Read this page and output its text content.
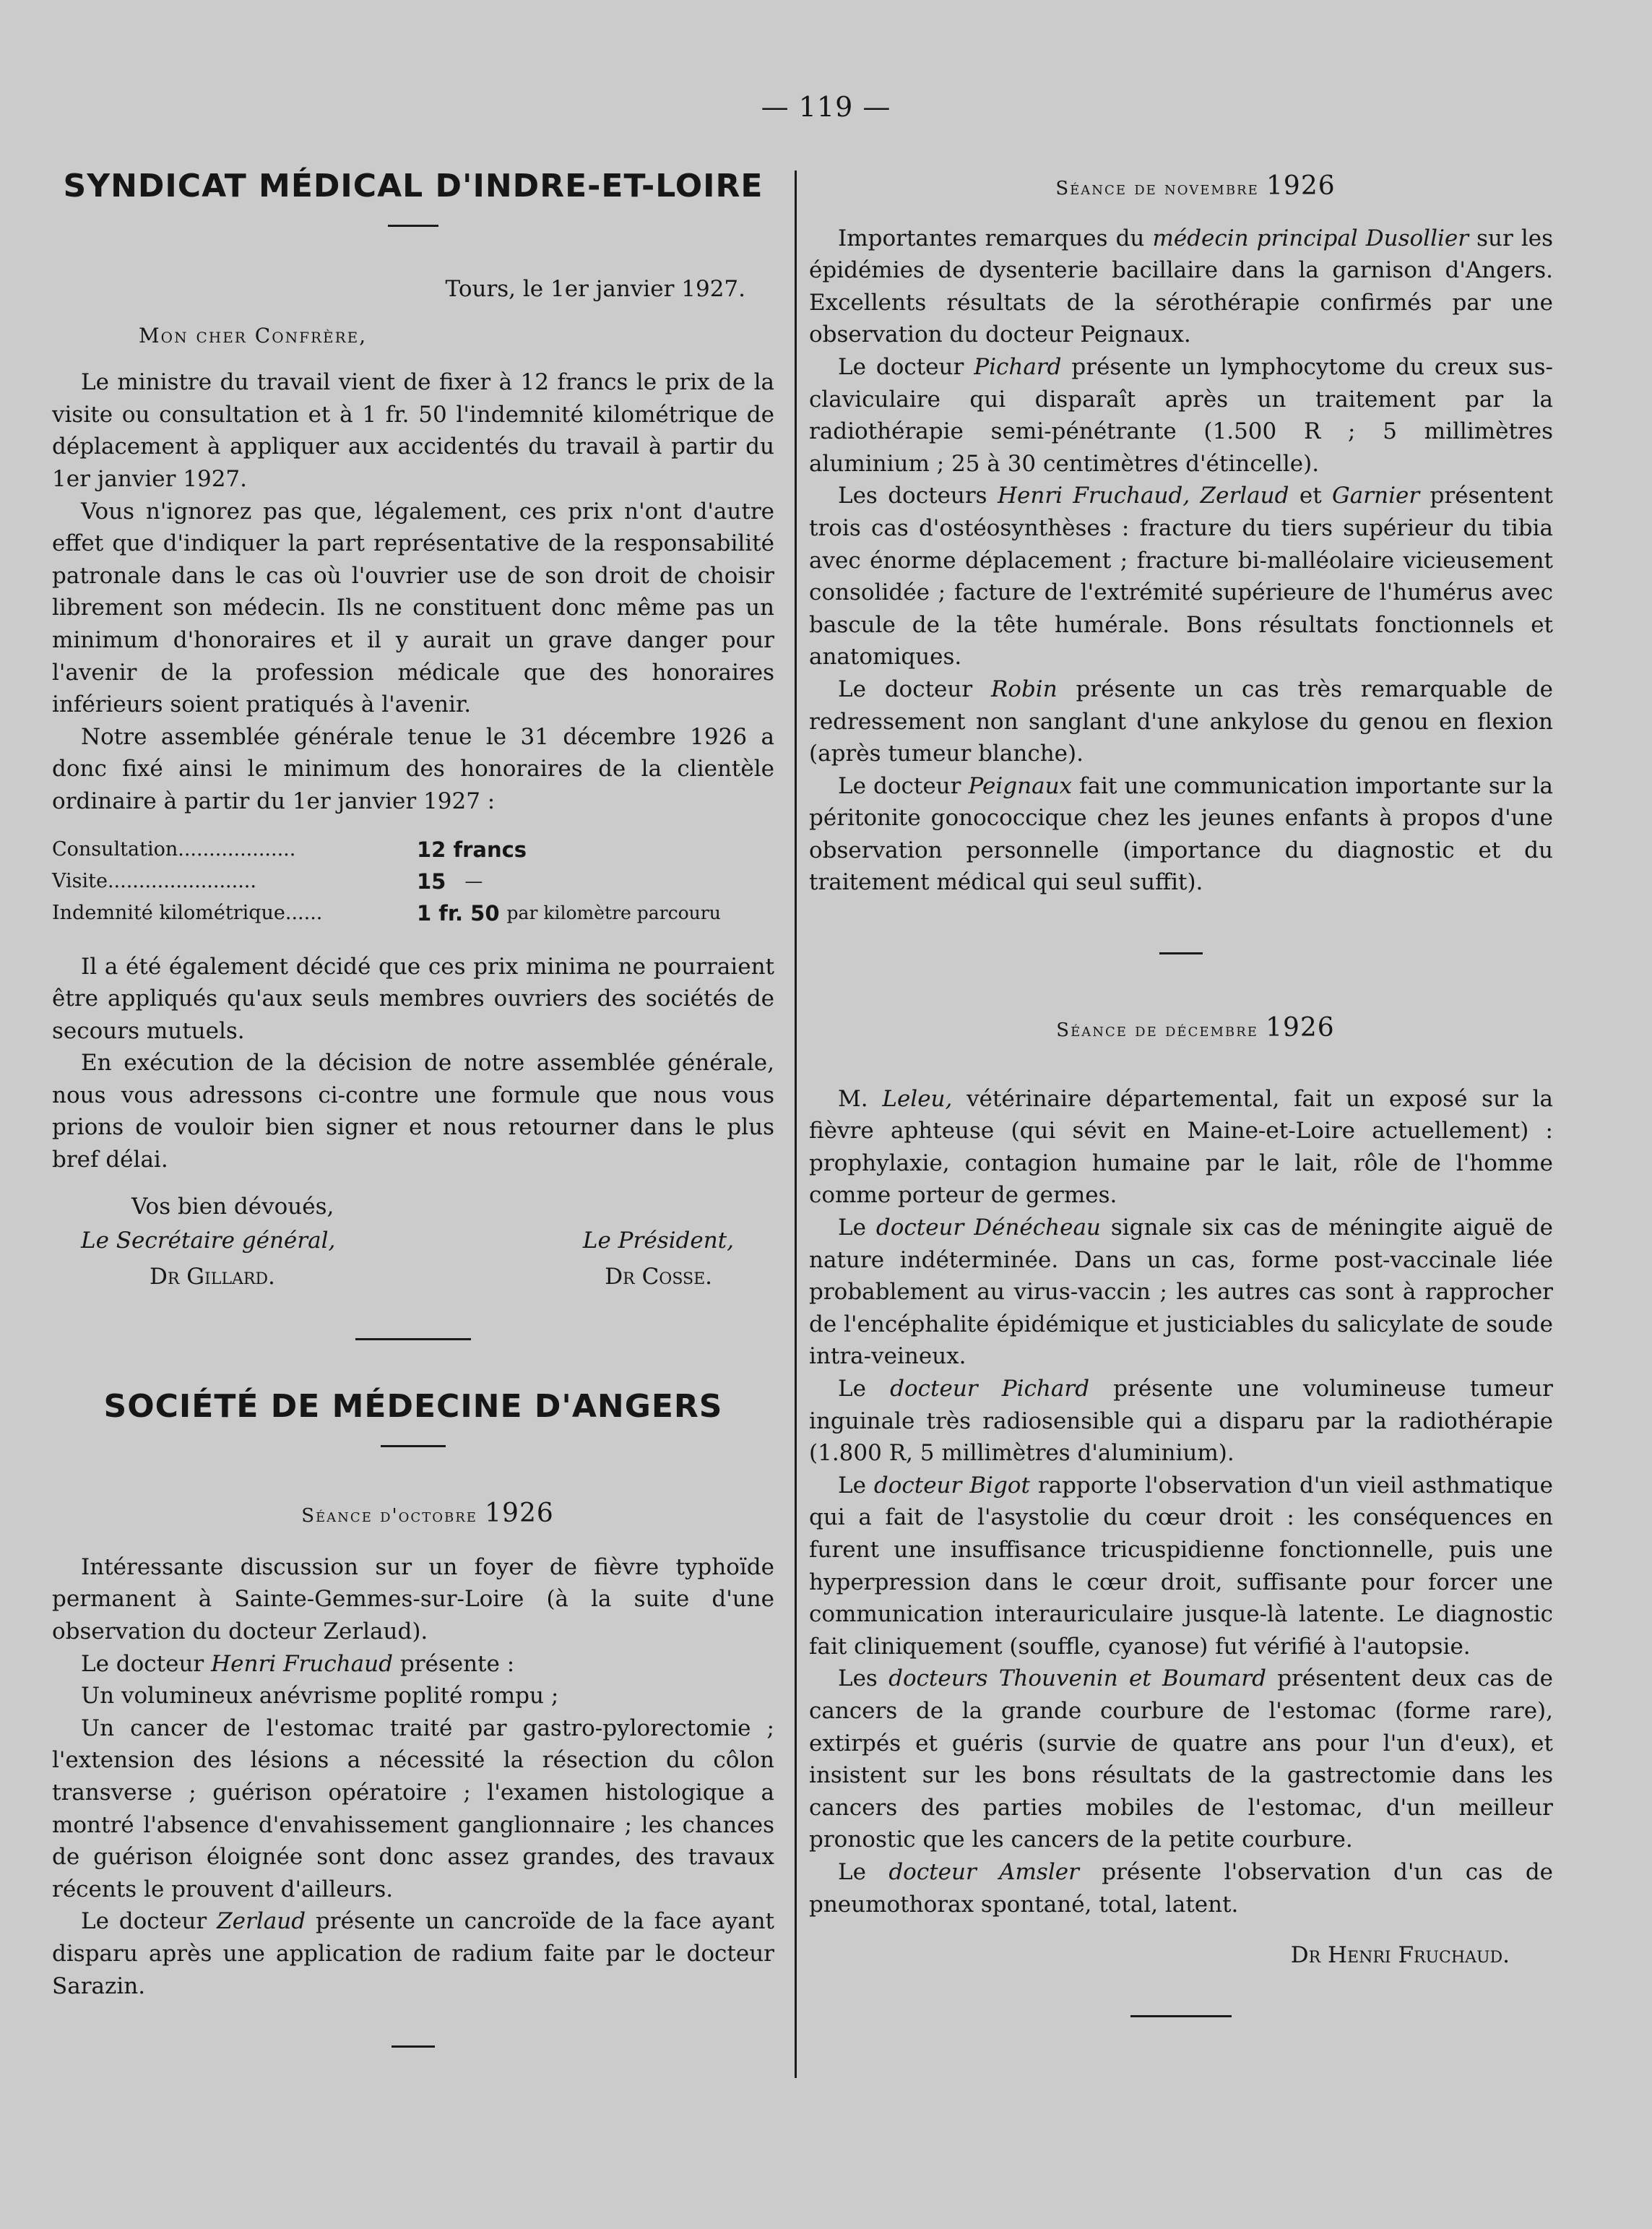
— 119 —
SYNDICAT MÉDICAL D'INDRE-ET-LOIRE

Tours, le 1er janvier 1927.

Mon cher Confrère,

Le ministre du travail vient de fixer à 12 francs le prix de la visite ou consultation et à 1 fr. 50 l'indemnité kilométrique de déplacement à appliquer aux accidentés du travail à partir du 1er janvier 1927.

Vous n'ignorez pas que, légalement, ces prix n'ont d'autre effet que d'indiquer la part représentative de la responsabilité patronale dans le cas où l'ouvrier use de son droit de choisir librement son médecin. Ils ne constituent donc même pas un minimum d'honoraires et il y aurait un grave danger pour l'avenir de la profession médicale que des honoraires inférieurs soient pratiqués à l'avenir.

Notre assemblée générale tenue le 31 décembre 1926 a donc fixé ainsi le minimum des honoraires de la clientèle ordinaire à partir du 1er janvier 1927 :

Consultation...................	12 francs
Visite........................	15 —
Indemnité kilométrique......	1 fr. 50 par kilomètre parcouru

Il a été également décidé que ces prix minima ne pourraient être appliqués qu'aux seuls membres ouvriers des sociétés de secours mutuels.

En exécution de la décision de notre assemblée générale, nous vous adressons ci-contre une formule que nous vous prions de vouloir bien signer et nous retourner dans le plus bref délai.

Vos bien dévoués,

Le Secrétaire général,	Le Président,
Dr Gillard.	Dr Cosse.
SOCIÉTÉ DE MÉDECINE D'ANGERS

Séance d'octobre 1926

Intéressante discussion sur un foyer de fièvre typhoïde permanent à Sainte-Gemmes-sur-Loire (à la suite d'une observation du docteur Zerlaud).

Le docteur Henri Fruchaud présente :

Un volumineux anévrisme poplité rompu ;

Un cancer de l'estomac traité par gastro-pylorectomie ; l'extension des lésions a nécessité la résection du côlon transverse ; guérison opératoire ; l'examen histologique a montré l'absence d'envahissement ganglionnaire ; les chances de guérison éloignée sont donc assez grandes, des travaux récents le prouvent d'ailleurs.

Le docteur Zerlaud présente un cancroïde de la face ayant disparu après une application de radium faite par le docteur Sarazin.

Séance de novembre 1926

Importantes remarques du médecin principal Dusollier sur les épidémies de dysenterie bacillaire dans la garnison d'Angers. Excellents résultats de la sérothérapie confirmés par une observation du docteur Peignaux.

Le docteur Pichard présente un lymphocytome du creux sus-claviculaire qui disparaît après un traitement par la radiothérapie semi-pénétrante (1.500 R ; 5 millimètres aluminium ; 25 à 30 centimètres d'étincelle).

Les docteurs Henri Fruchaud, Zerlaud et Garnier présentent trois cas d'ostéosynthèses : fracture du tiers supérieur du tibia avec énorme déplacement ; fracture bi-malléolaire vicieusement consolidée ; facture de l'extrémité supérieure de l'humérus avec bascule de la tête humérale. Bons résultats fonctionnels et anatomiques.

Le docteur Robin présente un cas très remarquable de redressement non sanglant d'une ankylose du genou en flexion (après tumeur blanche).

Le docteur Peignaux fait une communication importante sur la péritonite gonococcique chez les jeunes enfants à propos d'une observation personnelle (importance du diagnostic et du traitement médical qui seul suffit).

Séance de décembre 1926

M. Leleu, vétérinaire départemental, fait un exposé sur la fièvre aphteuse (qui sévit en Maine-et-Loire actuellement) : prophylaxie, contagion humaine par le lait, rôle de l'homme comme porteur de germes.

Le docteur Dénécheau signale six cas de méningite aiguë de nature indéterminée. Dans un cas, forme post-vaccinale liée probablement au virus-vaccin ; les autres cas sont à rapprocher de l'encéphalite épidémique et justiciables du salicylate de soude intra-veineux.

Le docteur Pichard présente une volumineuse tumeur inguinale très radiosensible qui a disparu par la radiothérapie (1.800 R, 5 millimètres d'aluminium).

Le docteur Bigot rapporte l'observation d'un vieil asthmatique qui a fait de l'asystolie du cœur droit : les conséquences en furent une insuffisance tricuspidienne fonctionnelle, puis une hyperpression dans le cœur droit, suffisante pour forcer une communication interauriculaire jusque-là latente. Le diagnostic fait cliniquement (souffle, cyanose) fut vérifié à l'autopsie.

Les docteurs Thouvenin et Boumard présentent deux cas de cancers de la grande courbure de l'estomac (forme rare), extirpés et guéris (survie de quatre ans pour l'un d'eux), et insistent sur les bons résultats de la gastrectomie dans les cancers des parties mobiles de l'estomac, d'un meilleur pronostic que les cancers de la petite courbure.

Le docteur Amsler présente l'observation d'un cas de pneumothorax spontané, total, latent.

Dr Henri Fruchaud.
